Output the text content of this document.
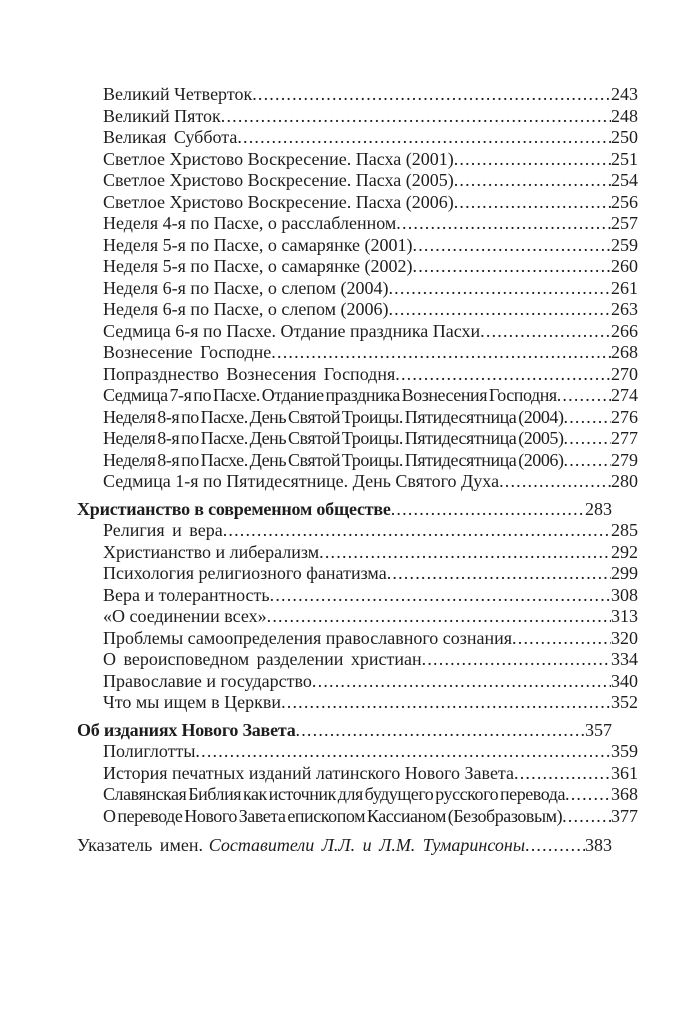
Великий Четверток .....	243
Великий Пяток .....	248
Великая Суббота .....	250
Светлое Христово Воскресение. Пасха (2001) .....	251
Светлое Христово Воскресение. Пасха (2005) .....	254
Светлое Христово Воскресение. Пасха (2006) .....	256
Неделя 4-я по Пасхе, о расслабленном .....	257
Неделя 5-я по Пасхе, о самарянке (2001) .....	259
Неделя 5-я по Пасхе, о самарянке (2002) .....	260
Неделя 6-я по Пасхе, о слепом (2004) .....	261
Неделя 6-я по Пасхе, о слепом (2006) .....	263
Седмица 6-я по Пасхе. Отдание праздника Пасхи .....	266
Вознесение Господне .....	268
Попразднество Вознесения Господня .....	270
Седмица 7-я по Пасхе. Отдание праздника Вознесения Господня .....	274
Неделя 8-я по Пасхе. День Святой Троицы. Пятидесятница (2004) .....	276
Неделя 8-я по Пасхе. День Святой Троицы. Пятидесятница (2005) .....	277
Неделя 8-я по Пасхе. День Святой Троицы. Пятидесятница (2006) .....	279
Седмица 1-я по Пятидесятнице. День Святого Духа .....	280
Христианство в современном обществе .....	283
Религия и вера .....	285
Христианство и либерализм .....	292
Психология религиозного фанатизма .....	299
Вера и толерантность .....	308
«О соединении всех» .....	313
Проблемы самоопределения православного сознания .....	320
О вероисповедном разделении христиан .....	334
Православие и государство .....	340
Что мы ищем в Церкви .....	352
Об изданиях Нового Завета .....	357
Полиглотты .....	359
История печатных изданий латинского Нового Завета .....	361
Славянская Библия как источник для будущего русского перевода .....	368
О переводе Нового Завета епископом Кассианом (Безобразовым) .....	377
Указатель имен. Составители Л.Л. и Л.М. Тумаринсоны .....	383
